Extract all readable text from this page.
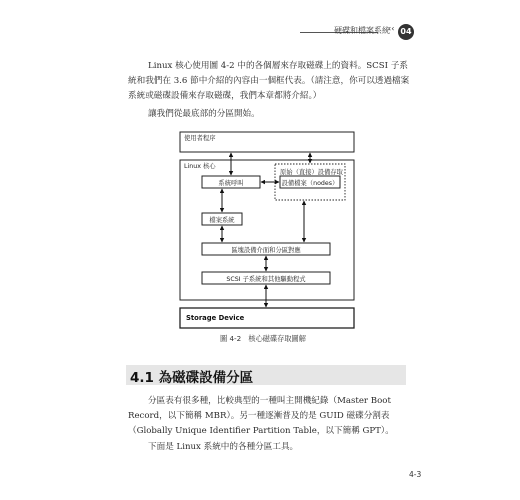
硬碟和檔案系統
‹‹ 04

Linux 核心使用圖 4-2 中的各個層來存取磁碟上的資料。SCSI 子系統和我們在 3.6 節中介紹的內容由一個框代表。（請注意，你可以透過檔案系統或磁碟設備來存取磁碟，我們本章都將介紹。）

讓我們從最底部的分區開始。

使用者程序
Linux 核心
原始（直接）設備存取
系統呼叫	設備檔案（nodes）
檔案系統
區塊設備介面和分區對應
SCSI 子系統和其他驅動程式
Storage Device
圖 4-2　核心磁碟存取圖解
4.1 為磁碟設備分區

分區表有很多種，比較典型的一種叫主開機紀錄（Master Boot Record，以下簡稱 MBR）。另一種逐漸普及的是 GUID 磁碟分割表（Globally Unique Identifier Partition Table，以下簡稱 GPT）。

下面是 Linux 系統中的各種分區工具。

4-3
